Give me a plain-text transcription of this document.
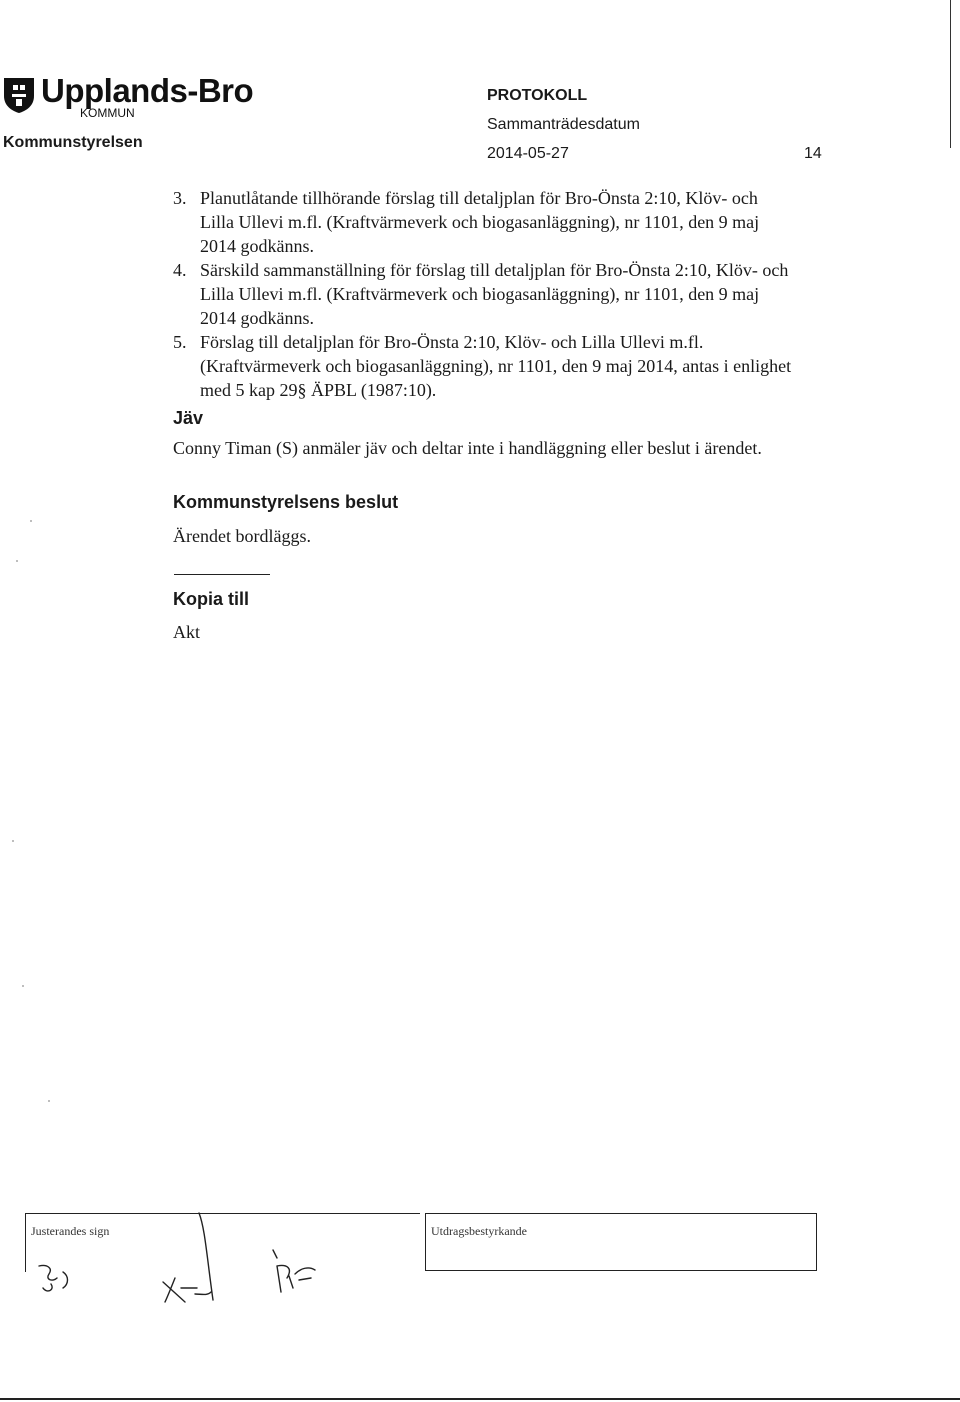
Upplands-Bro
KOMMUN
Kommunstyrelsen
PROTOKOLL
Sammanträdesdatum
2014-05-27	14
3. Planutlåtande tillhörande förslag till detaljplan för Bro-Önsta 2:10, Klöv- och Lilla Ullevi m.fl. (Kraftvärmeverk och biogasanläggning), nr 1101, den 9 maj 2014 godkänns.
4. Särskild sammanställning för förslag till detaljplan för Bro-Önsta 2:10, Klöv- och Lilla Ullevi m.fl. (Kraftvärmeverk och biogasanläggning), nr 1101, den 9 maj 2014 godkänns.
5. Förslag till detaljplan för Bro-Önsta 2:10, Klöv- och Lilla Ullevi m.fl. (Kraftvärmeverk och biogasanläggning), nr 1101, den 9 maj 2014, antas i enlighet med 5 kap 29§ ÄPBL (1987:10).
Jäv
Conny Timan (S) anmäler jäv och deltar inte i handläggning eller beslut i ärendet.
Kommunstyrelsens beslut
Ärendet bordläggs.
Kopia till
Akt
Justerandes sign	Utdragsbestyrkande
